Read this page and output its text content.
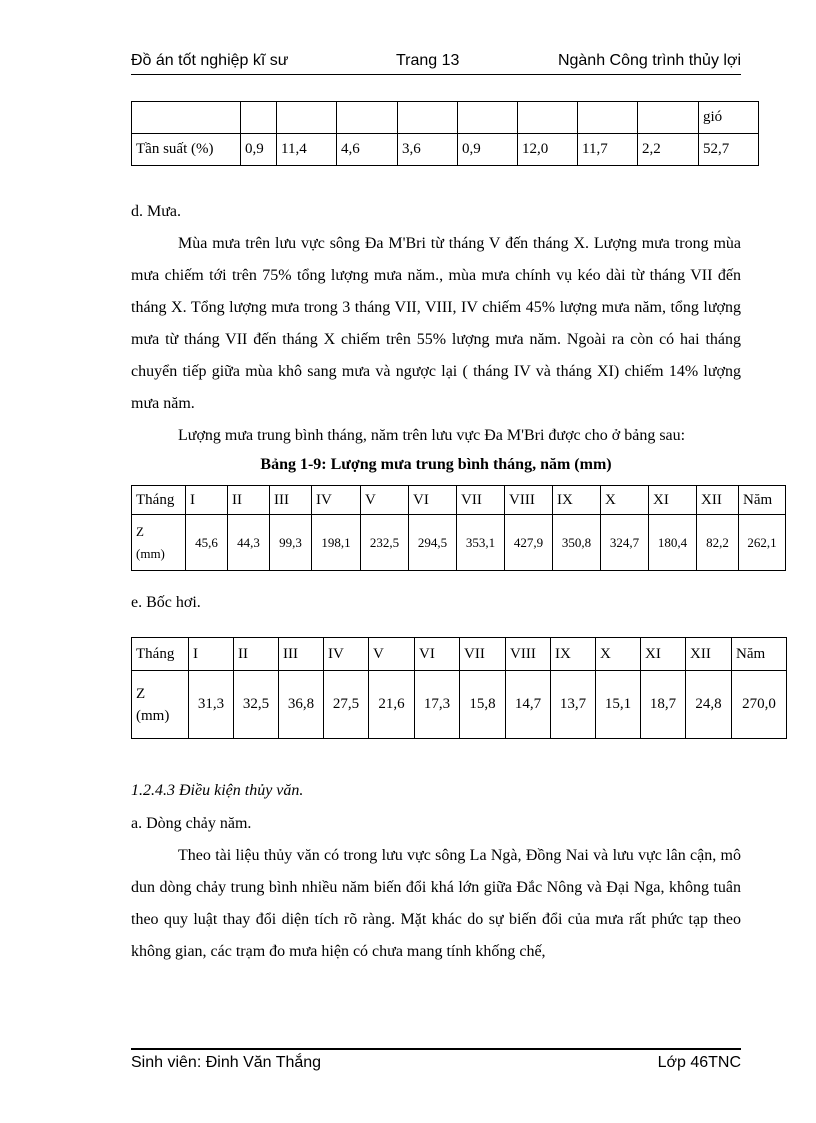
Đồ án tốt nghiệp kĩ sư	Trang 13	Ngành Công trình thủy lợi
									gió
Tần suất (%)	0,9	11,4	4,6	3,6	0,9	12,0	11,7	2,2	52,7
d. Mưa.

Mùa mưa trên lưu vực sông Đa M'Bri từ tháng V đến tháng X. Lượng mưa trong mùa mưa chiếm tới trên 75% tổng lượng mưa năm., mùa mưa chính vụ kéo dài từ tháng VII đến tháng X. Tổng lượng mưa trong 3 tháng VII, VIII, IV chiếm 45% lượng mưa năm, tổng lượng mưa từ tháng VII đến tháng X chiếm trên 55% lượng mưa năm. Ngoài ra còn có hai tháng chuyển tiếp giữa mùa khô sang mưa và ngược lại ( tháng IV và tháng XI) chiếm 14% lượng mưa năm.

Lượng mưa trung bình tháng, năm trên lưu vực Đa M'Bri được cho ở bảng sau:

Bảng 1-9: Lượng mưa trung bình tháng, năm (mm)
Tháng	I	II	III	IV	V	VI	VII	VIII	IX	X	XI	XII	Năm

Z
(mm)	45,6	44,3	99,3	198,1	232,5	294,5	353,1	427,9	350,8	324,7	180,4	82,2	262,1
e. Bốc hơi.
Tháng	I	II	III	IV	V	VI	VII	VIII	IX	X	XI	XII	Năm

Z
(mm)	31,3	32,5	36,8	27,5	21,6	17,3	15,8	14,7	13,7	15,1	18,7	24,8	270,0
1.2.4.3 Điều kiện thủy văn.
a. Dòng chảy năm.

Theo tài liệu thủy văn có trong lưu vực sông La Ngà, Đồng Nai và lưu vực lân cận, mô dun dòng chảy trung bình nhiều năm biến đổi khá lớn giữa Đắc Nông và Đại Nga, không tuân theo quy luật thay đổi diện tích rõ ràng. Mặt khác do sự biến đổi của mưa rất phức tạp theo không gian, các trạm đo mưa hiện có chưa mang tính khống chế,

Sinh viên: Đinh Văn Thắng	Lớp 46TNC
